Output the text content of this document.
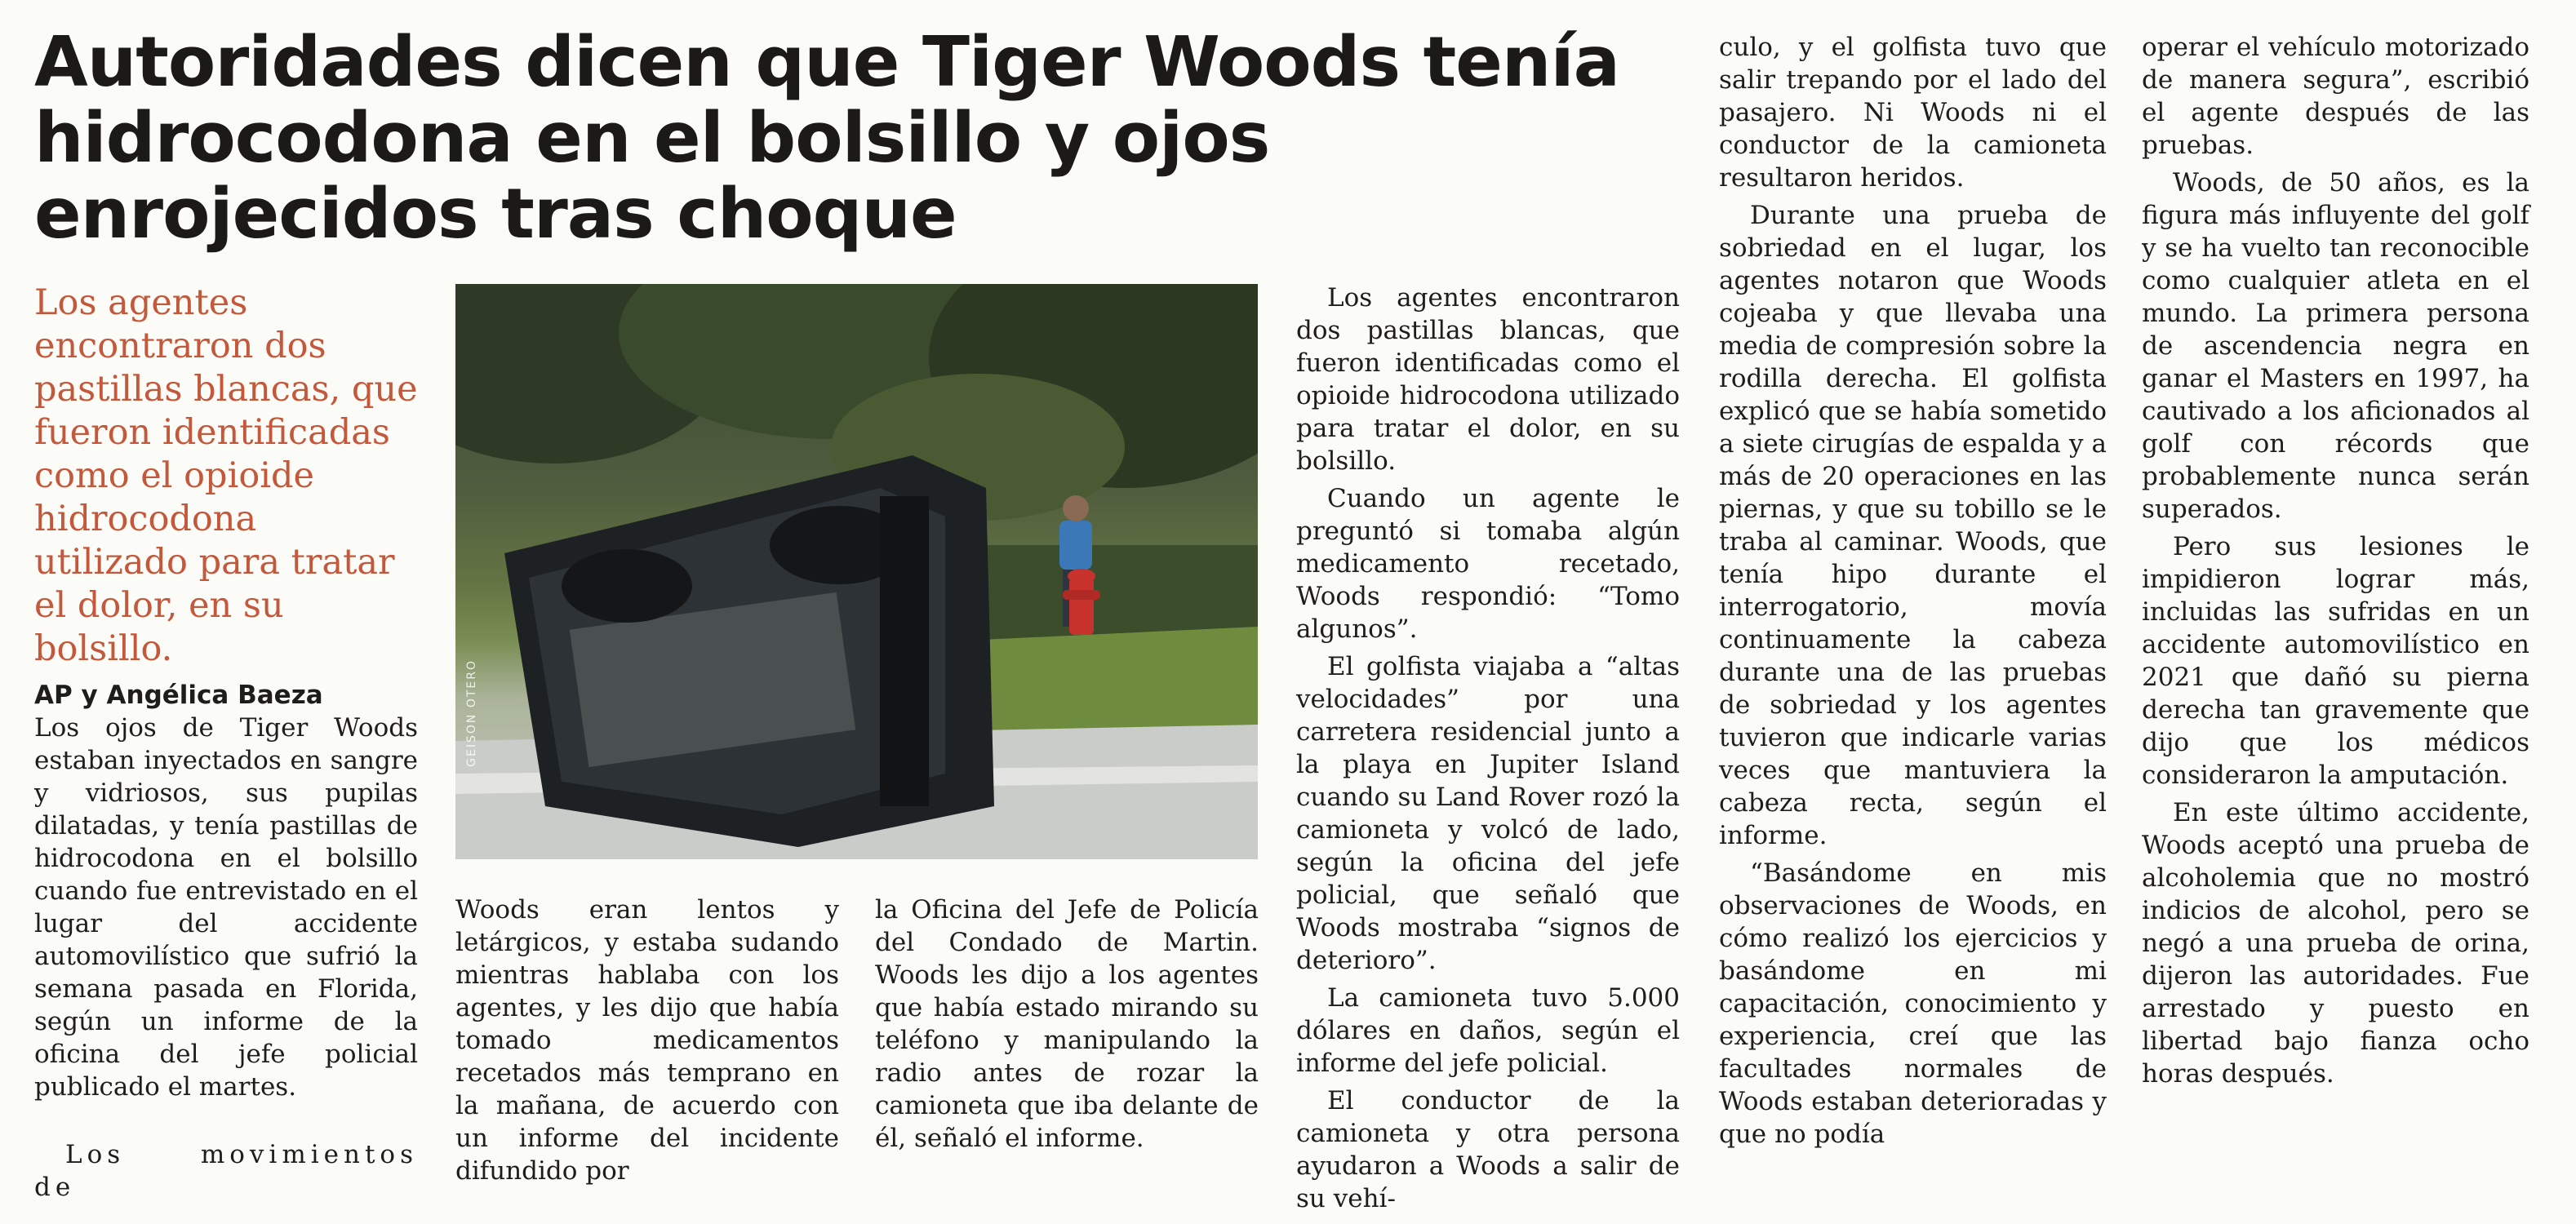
Autoridades dicen que Tiger Woods tenía hidrocodona en el bolsillo y ojos enrojecidos tras choque

Los agentes encontraron dos pastillas blancas, que fueron identificadas como el opioide hidrocodona utilizado para tratar el dolor, en su bolsillo.

GEISON OTERO

AP y Angélica Baeza

Los ojos de Tiger Woods estaban inyectados en sangre y vidriosos, sus pupilas dilatadas, y tenía pastillas de hidrocodona en el bolsillo cuando fue entrevistado en el lugar del accidente automovilístico que sufrió la semana pasada en Florida, según un informe de la oficina del jefe policial publicado el martes.

Los movimientos de

Woods eran lentos y letárgicos, y estaba sudando mientras hablaba con los agentes, y les dijo que había tomado medicamentos recetados más temprano en la mañana, de acuerdo con un informe del incidente difundido por

la Oficina del Jefe de Policía del Condado de Martin. Woods les dijo a los agentes que había estado mirando su teléfono y manipulando la radio antes de rozar la camioneta que iba delante de él, señaló el informe.

Los agentes encontraron dos pastillas blancas, que fueron identificadas como el opioide hidrocodona utilizado para tratar el dolor, en su bolsillo.

Cuando un agente le preguntó si tomaba algún medicamento recetado, Woods respondió: “Tomo algunos”.

El golfista viajaba a “altas velocidades” por una carretera residencial junto a la playa en Jupiter Island cuando su Land Rover rozó la camioneta y volcó de lado, según la oficina del jefe policial, que señaló que Woods mostraba “signos de deterioro”.

La camioneta tuvo 5.000 dólares en daños, según el informe del jefe policial.

El conductor de la camioneta y otra persona ayudaron a Woods a salir de su vehí-

culo, y el golfista tuvo que salir trepando por el lado del pasajero. Ni Woods ni el conductor de la camioneta resultaron heridos.

Durante una prueba de sobriedad en el lugar, los agentes notaron que Woods cojeaba y que llevaba una media de compresión sobre la rodilla derecha. El golfista explicó que se había sometido a siete cirugías de espalda y a más de 20 operaciones en las piernas, y que su tobillo se le traba al caminar. Woods, que tenía hipo durante el interrogatorio, movía continuamente la cabeza durante una de las pruebas de sobriedad y los agentes tuvieron que indicarle varias veces que mantuviera la cabeza recta, según el informe.

“Basándome en mis observaciones de Woods, en cómo realizó los ejercicios y basándome en mi capacitación, conocimiento y experiencia, creí que las facultades normales de Woods estaban deterioradas y que no podía

operar el vehículo motorizado de manera segura”, escribió el agente después de las pruebas.

Woods, de 50 años, es la figura más influyente del golf y se ha vuelto tan reconocible como cualquier atleta en el mundo. La primera persona de ascendencia negra en ganar el Masters en 1997, ha cautivado a los aficionados al golf con récords que probablemente nunca serán superados.

Pero sus lesiones le impidieron lograr más, incluidas las sufridas en un accidente automovilístico en 2021 que dañó su pierna derecha tan gravemente que dijo que los médicos consideraron la amputación.

En este último accidente, Woods aceptó una prueba de alcoholemia que no mostró indicios de alcohol, pero se negó a una prueba de orina, dijeron las autoridades. Fue arrestado y puesto en libertad bajo fianza ocho horas después.
